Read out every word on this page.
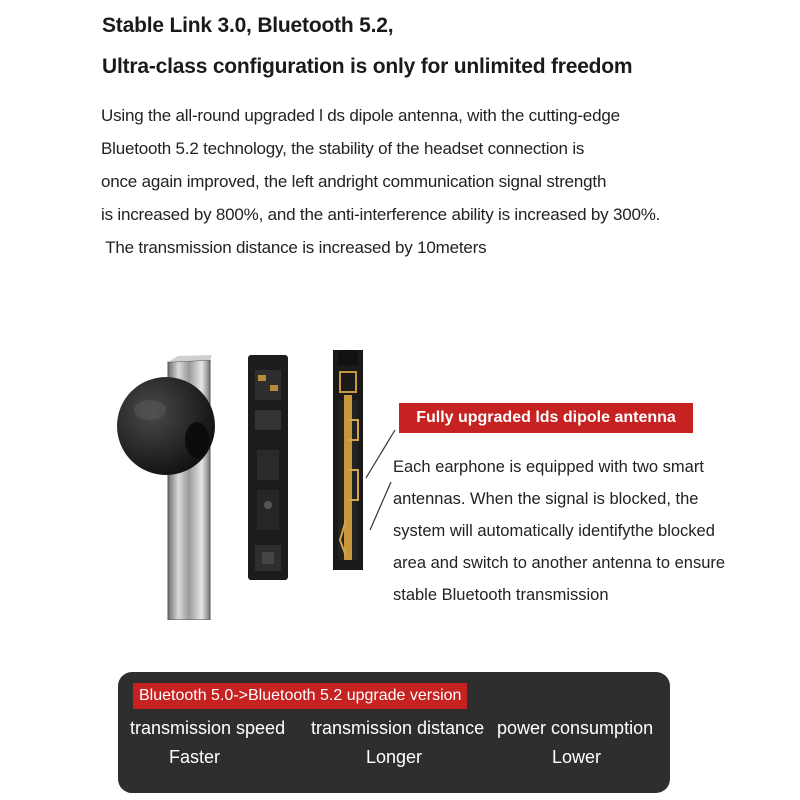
Stable Link 3.0, Bluetooth 5.2,
Ultra-class configuration is only for unlimited freedom
Using the all-round upgraded l ds dipole antenna, with the cutting-edge
Bluetooth 5.2 technology, the stability of the headset connection is
once again improved, the left andright communication signal strength
is increased by 800%, and the anti-interference ability is increased by 300%.
The transmission distance is increased by 10meters
Fully upgraded lds dipole antenna
Each earphone is equipped with two smart
antennas. When the signal is blocked, the
system will automatically identifythe blocked
area and switch to another antenna to ensure
stable Bluetooth transmission
Bluetooth 5.0->Bluetooth 5.2 upgrade version
transmission speed transmission distance power consumption
Faster	Longer	Lower
